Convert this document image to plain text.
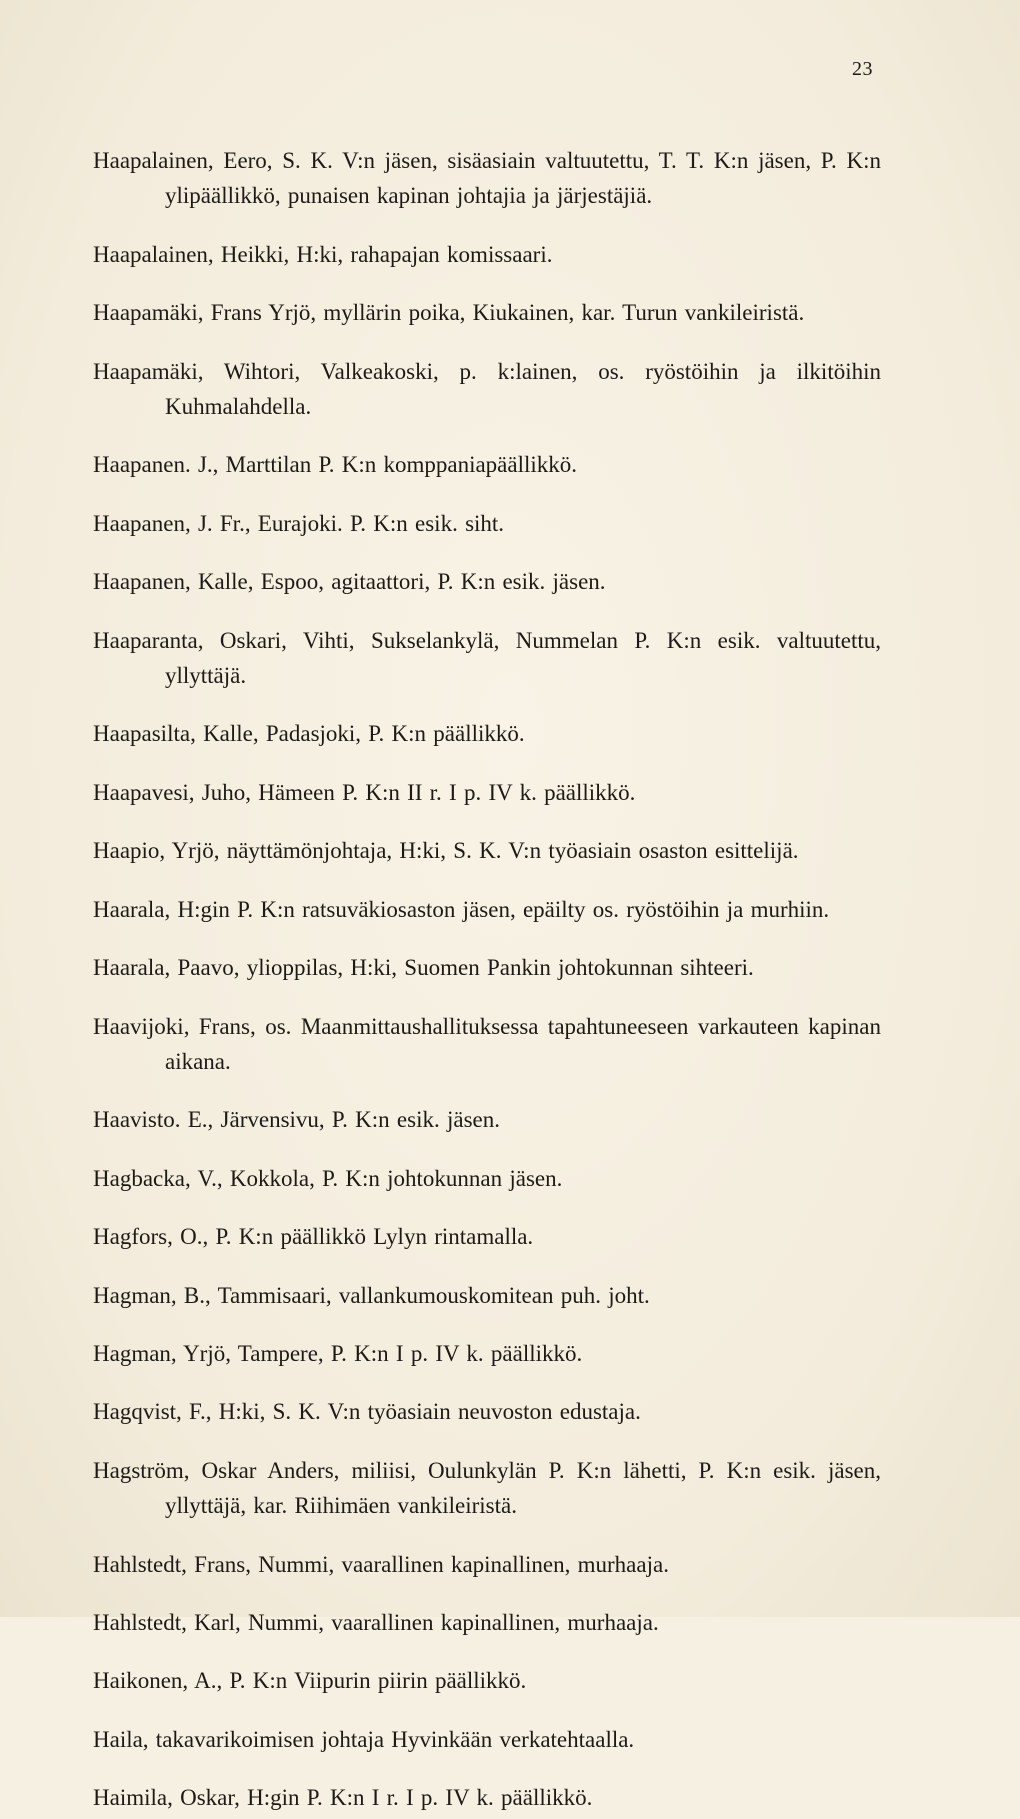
23

Haapalainen, Eero, S. K. V:n jäsen, sisäasiain valtuutettu, T. T. K:n jäsen, P. K:n ylipäällikkö, punaisen kapinan johtajia ja järjestäjiä.

Haapalainen, Heikki, H:ki, rahapajan komissaari.

Haapamäki, Frans Yrjö, myllärin poika, Kiukainen, kar. Turun vankileiristä.

Haapamäki, Wihtori, Valkeakoski, p. k:lainen, os. ryöstöihin ja ilkitöihin Kuhmalahdella.

Haapanen. J., Marttilan P. K:n komppaniapäällikkö.

Haapanen, J. Fr., Eurajoki. P. K:n esik. siht.

Haapanen, Kalle, Espoo, agitaattori, P. K:n esik. jäsen.

Haaparanta, Oskari, Vihti, Sukselankylä, Nummelan P. K:n esik. valtuutettu, yllyttäjä.

Haapasilta, Kalle, Padasjoki, P. K:n päällikkö.

Haapavesi, Juho, Hämeen P. K:n II r. I p. IV k. päällikkö.

Haapio, Yrjö, näyttämönjohtaja, H:ki, S. K. V:n työasiain osaston esittelijä.

Haarala, H:gin P. K:n ratsuväkiosaston jäsen, epäilty os. ryöstöihin ja murhiin.

Haarala, Paavo, ylioppilas, H:ki, Suomen Pankin johtokunnan sihteeri.

Haavijoki, Frans, os. Maanmittaushallituksessa tapahtuneeseen varkauteen kapinan aikana.

Haavisto. E., Järvensivu, P. K:n esik. jäsen.

Hagbacka, V., Kokkola, P. K:n johtokunnan jäsen.

Hagfors, O., P. K:n päällikkö Lylyn rintamalla.

Hagman, B., Tammisaari, vallankumouskomitean puh. joht.

Hagman, Yrjö, Tampere, P. K:n I p. IV k. päällikkö.

Hagqvist, F., H:ki, S. K. V:n työasiain neuvoston edustaja.

Hagström, Oskar Anders, miliisi, Oulunkylän P. K:n lähetti, P. K:n esik. jäsen, yllyttäjä, kar. Riihimäen vankileiristä.

Hahlstedt, Frans, Nummi, vaarallinen kapinallinen, murhaaja.

Hahlstedt, Karl, Nummi, vaarallinen kapinallinen, murhaaja.

Haikonen, A., P. K:n Viipurin piirin päällikkö.

Haila, takavarikoimisen johtaja Hyvinkään verkatehtaalla.

Haimila, Oskar, H:gin P. K:n I r. I p. IV k. päällikkö.
